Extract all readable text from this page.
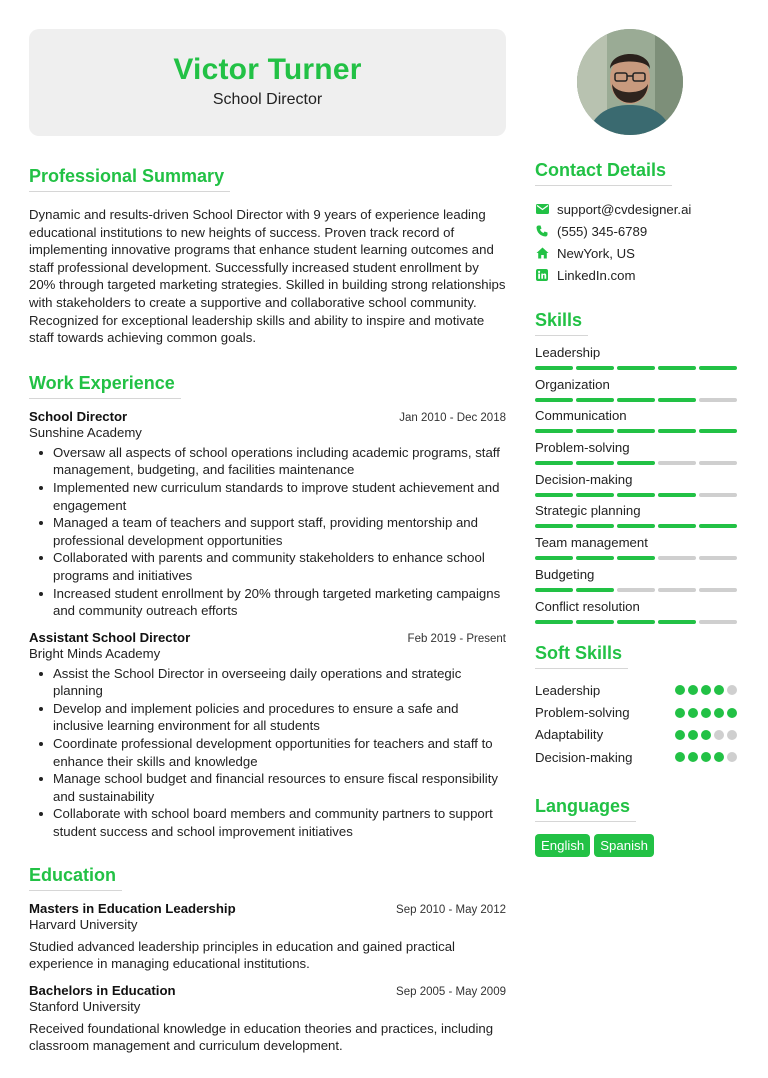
Victor Turner
School Director
Professional Summary

Dynamic and results-driven School Director with 9 years of experience leading educational institutions to new heights of success. Proven track record of implementing innovative programs that enhance student learning outcomes and staff professional development. Successfully increased student enrollment by 20% through targeted marketing strategies. Skilled in building strong relationships with stakeholders to create a supportive and collaborative school community. Recognized for exceptional leadership skills and ability to inspire and motivate staff towards achieving common goals.

Work Experience
School Director	Jan 2010 - Dec 2018
Sunshine Academy
Oversaw all aspects of school operations including academic programs, staff management, budgeting, and facilities maintenance
Implemented new curriculum standards to improve student achievement and engagement
Managed a team of teachers and support staff, providing mentorship and professional development opportunities
Collaborated with parents and community stakeholders to enhance school programs and initiatives
Increased student enrollment by 20% through targeted marketing campaigns and community outreach efforts
Assistant School Director	Feb 2019 - Present
Bright Minds Academy
Assist the School Director in overseeing daily operations and strategic planning
Develop and implement policies and procedures to ensure a safe and inclusive learning environment for all students
Coordinate professional development opportunities for teachers and staff to enhance their skills and knowledge
Manage school budget and financial resources to ensure fiscal responsibility and sustainability
Collaborate with school board members and community partners to support student success and school improvement initiatives
Education
Masters in Education Leadership	Sep 2010 - May 2012
Harvard University

Studied advanced leadership principles in education and gained practical experience in managing educational institutions.

Bachelors in Education	Sep 2005 - May 2009
Stanford University

Received foundational knowledge in education theories and practices, including classroom management and curriculum development.

Contact Details
support@cvdesigner.ai
(555) 345-6789
NewYork, US
LinkedIn.com
Skills
Leadership
Organization
Communication
Problem-solving
Decision-making
Strategic planning
Team management
Budgeting
Conflict resolution
Soft Skills
Leadership
Problem-solving
Adaptability
Decision-making
Languages
English	Spanish
